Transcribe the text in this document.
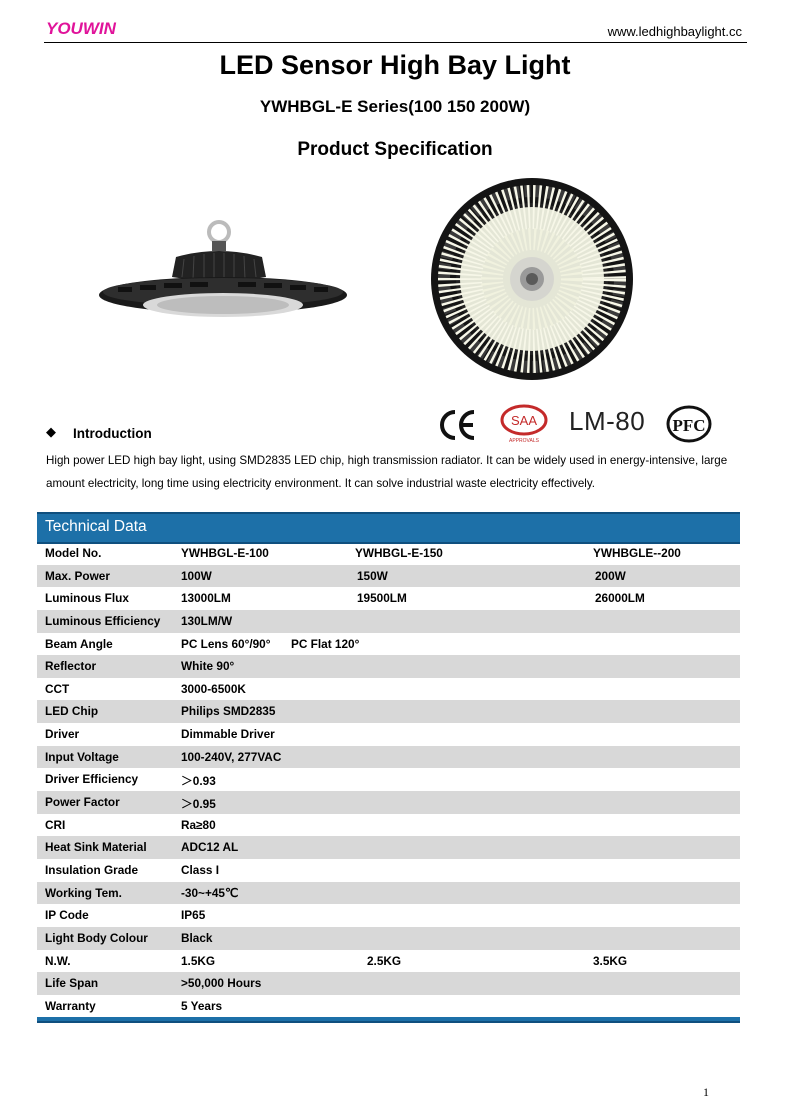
YOUWIN	www.ledhighbaylight.cc
LED Sensor High Bay Light
YWHBGL-E Series(100 150 200W)
Product Specification
SAA
APPROVALS
LM-80 PFC
◆ Introduction
High power LED high bay light, using SMD2835 LED chip, high transmission radiator. It can be widely used in energy-intensive, large amount electricity, long time using electricity environment. It can solve industrial waste electricity effectively.
Technical Data
Model No.	YWHBGL-E-100	YWHBGL-E-150	YWHBGLE--200
Max. Power	100W	150W	200W
Luminous Flux	13000LM	19500LM	26000LM
Luminous Efficiency 130LM/W
Beam Angle	PC Lens 60°/90° PC Flat 120°
Reflector	White 90°
CCT	3000-6500K
LED Chip	Philips SMD2835
Driver	Dimmable Driver
Input Voltage	100-240V, 277VAC
Driver Efficiency	＞0.93
Power Factor	＞0.95
CRI	Ra≥80
Heat Sink Material	ADC12 AL
Insulation Grade	Class I
Working Tem.	-30~+45℃
IP Code	IP65
Light Body Colour	Black
N.W.	1.5KG	2.5KG	3.5KG
Life Span	>50,000 Hours
Warranty	5 Years
1
